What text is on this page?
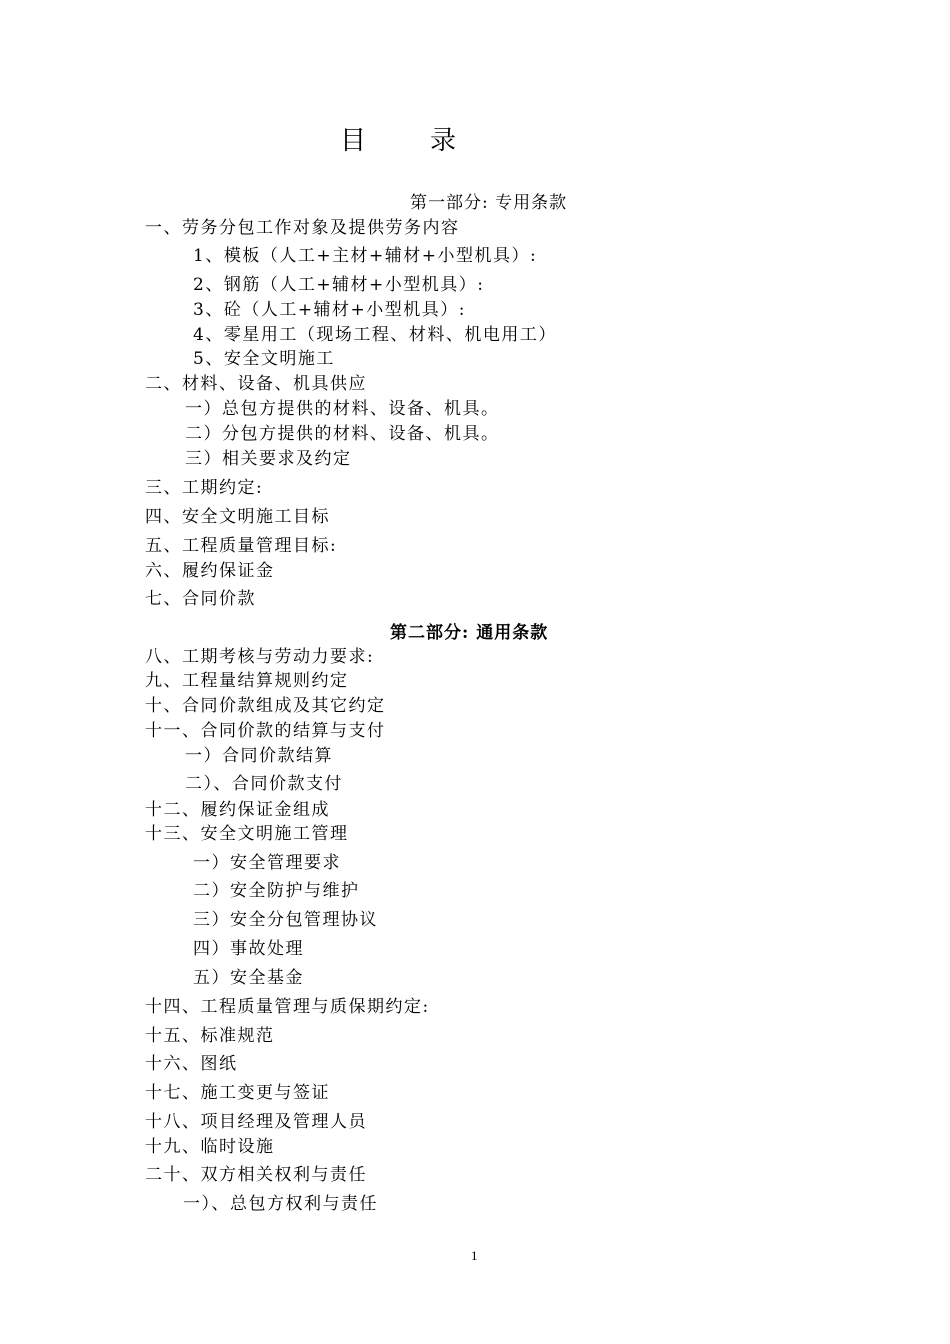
目录
第一部分: 专用条款
一、劳务分包工作对象及提供劳务内容
1、模板（人工+主材+辅材+小型机具）:
2、钢筋（人工+辅材+小型机具）:
3、砼（人工+辅材+小型机具）:
4、零星用工（现场工程、材料、机电用工）
5、安全文明施工
二、材料、设备、机具供应
一）总包方提供的材料、设备、机具。
二）分包方提供的材料、设备、机具。
三）相关要求及约定
三、工期约定:
四、安全文明施工目标
五、工程质量管理目标:
六、履约保证金
七、合同价款
第二部分: 通用条款
八、工期考核与劳动力要求:
九、工程量结算规则约定
十、合同价款组成及其它约定
十一、合同价款的结算与支付
一）合同价款结算
二）、合同价款支付
十二、履约保证金组成
十三、安全文明施工管理
一）安全管理要求
二）安全防护与维护
三）安全分包管理协议
四）事故处理
五）安全基金
十四、工程质量管理与质保期约定:
十五、标准规范
十六、图纸
十七、施工变更与签证
十八、项目经理及管理人员
十九、临时设施
二十、双方相关权利与责任
一）、总包方权利与责任
1
